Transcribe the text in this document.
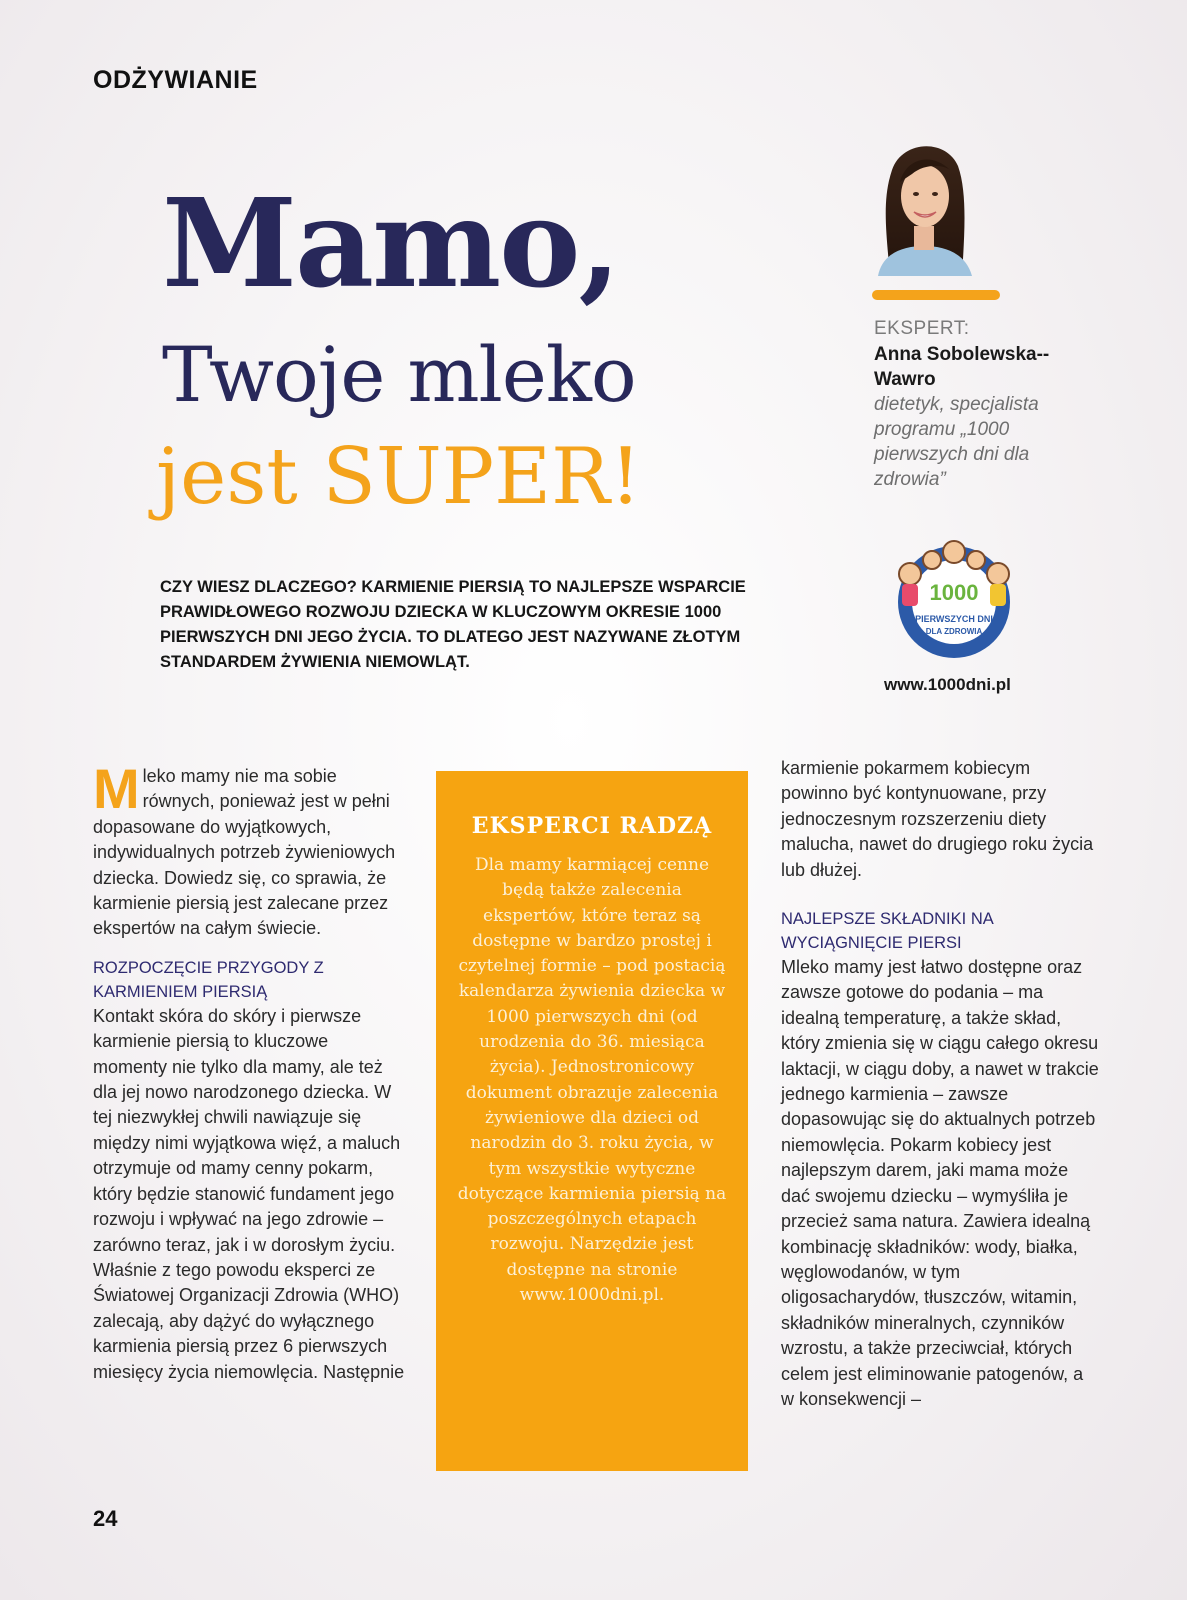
ODŻYWIANIE
Mamo,
Twoje mleko
jest SUPER!
CZY WIESZ DLACZEGO? KARMIENIE PIERSIĄ TO NAJLEPSZE WSPARCIE PRAWIDŁOWEGO ROZWOJU DZIECKA W KLUCZOWYM OKRESIE 1000 PIERWSZYCH DNI JEGO ŻYCIA. TO DLATEGO JEST NAZYWANE ZŁOTYM STANDARDEM ŻYWIENIA NIEMOWLĄT.
EKSPERT:
Anna Sobolewska--Wawro
dietetyk, specjalista programu „1000 pierwszych dni dla zdrowia”
1000
PIERWSZYCH DNI
DLA ZDROWIA
www.1000dni.pl

Mleko mamy nie ma sobie równych, ponieważ jest w pełni dopasowane do wyjątkowych, indywidualnych potrzeb żywieniowych dziecka. Dowiedz się, co sprawia, że karmienie piersią jest zalecane przez ekspertów na całym świecie.

ROZPOCZĘCIE PRZYGODY Z KARMIENIEM PIERSIĄ

Kontakt skóra do skóry i pierwsze karmienie piersią to kluczowe momenty nie tylko dla mamy, ale też dla jej nowo narodzonego dziecka. W tej niezwykłej chwili nawiązuje się między nimi wyjątkowa więź, a maluch otrzymuje od mamy cenny pokarm, który będzie stanowić fundament jego rozwoju i wpływać na jego zdrowie – zarówno teraz, jak i w dorosłym życiu. Właśnie z tego powodu eksperci ze Światowej Organizacji Zdrowia (WHO) zalecają, aby dążyć do wyłącznego karmienia piersią przez 6 pierwszych miesięcy życia niemowlęcia. Następnie

EKSPERCI RADZĄ
Dla mamy karmiącej cenne będą także zalecenia ekspertów, które teraz są dostępne w bardzo prostej i czytelnej formie – pod postacią kalendarza żywienia dziecka w 1000 pierwszych dni (od urodzenia do 36. miesiąca życia). Jednostronicowy dokument obrazuje zalecenia żywieniowe dla dzieci od narodzin do 3. roku życia, w tym wszystkie wytyczne dotyczące karmienia piersią na poszczególnych etapach rozwoju. Narzędzie jest dostępne na stronie www.1000dni.pl.

karmienie pokarmem kobiecym powinno być kontynuowane, przy jednoczesnym rozszerzeniu diety malucha, nawet do drugiego roku życia lub dłużej.

NAJLEPSZE SKŁADNIKI NA WYCIĄGNIĘCIE PIERSI

Mleko mamy jest łatwo dostępne oraz zawsze gotowe do podania – ma idealną temperaturę, a także skład, który zmienia się w ciągu całego okresu laktacji, w ciągu doby, a nawet w trakcie jednego karmienia – zawsze dopasowując się do aktualnych potrzeb niemowlęcia. Pokarm kobiecy jest najlepszym darem, jaki mama może dać swojemu dziecku – wymyśliła je przecież sama natura. Zawiera idealną kombinację składników: wody, białka, węglowodanów, w tym oligosacharydów, tłuszczów, witamin, składników mineralnych, czynników wzrostu, a także przeciwciał, których celem jest eliminowanie patogenów, a w konsekwencji –

24
